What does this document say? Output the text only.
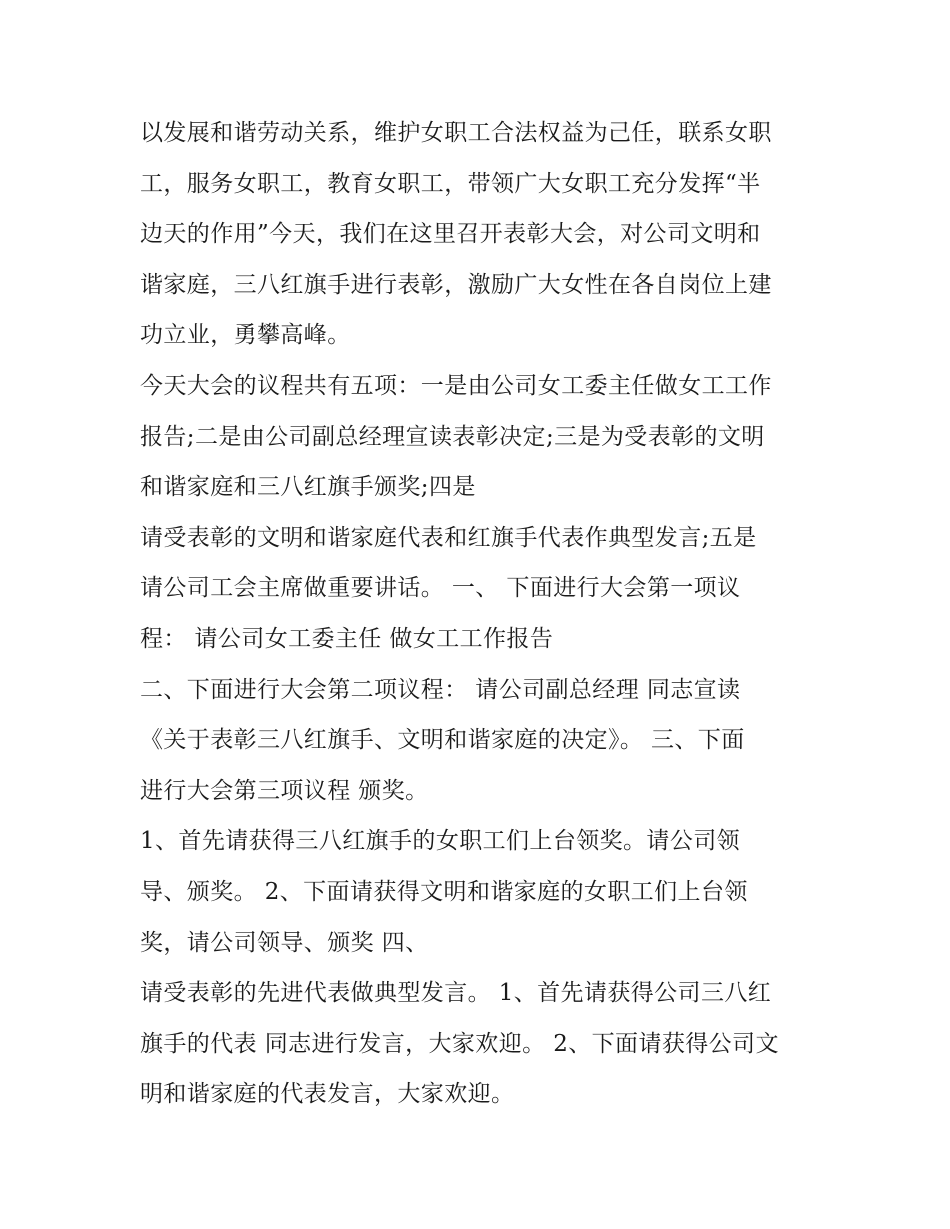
以发展和谐劳动关系，维护女职工合法权益为己任，联系女职
工，服务女职工，教育女职工，带领广大女职工充分发挥“半
边天的作用”今天，我们在这里召开表彰大会，对公司文明和
谐家庭，三八红旗手进行表彰，激励广大女性在各自岗位上建
功立业，勇攀高峰。
今天大会的议程共有五项：一是由公司女工委主任做女工工作
报告;二是由公司副总经理宣读表彰决定;三是为受表彰的文明
和谐家庭和三八红旗手颁奖;四是
请受表彰的文明和谐家庭代表和红旗手代表作典型发言;五是
请公司工会主席做重要讲话。 一、 下面进行大会第一项议
程： 请公司女工委主任 做女工工作报告
二、下面进行大会第二项议程： 请公司副总经理 同志宣读
《关于表彰三八红旗手、文明和谐家庭的决定》。 三、下面
进行大会第三项议程 颁奖。
1、首先请获得三八红旗手的女职工们上台领奖。请公司领
导、颁奖。 2、下面请获得文明和谐家庭的女职工们上台领
奖，请公司领导、颁奖 四、
请受表彰的先进代表做典型发言。 1、首先请获得公司三八红
旗手的代表 同志进行发言，大家欢迎。 2、下面请获得公司文
明和谐家庭的代表发言，大家欢迎。
